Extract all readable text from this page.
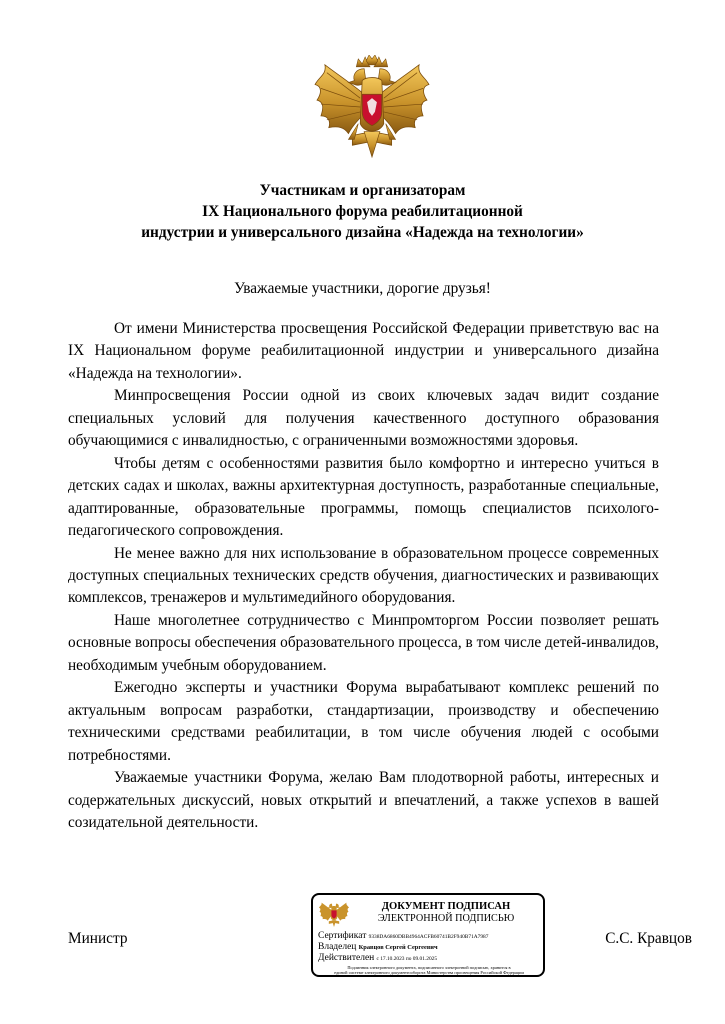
Участникам и организаторам
IX Национального форума реабилитационной
индустрии и универсального дизайна «Надежда на технологии»
Уважаемые участники, дорогие друзья!

От имени Министерства просвещения Российской Федерации приветствую вас на IX Национальном форуме реабилитационной индустрии и универсального дизайна «Надежда на технологии».

Минпросвещения России одной из своих ключевых задач видит создание специальных условий для получения качественного доступного образования обучающимися с инвалидностью, с ограниченными возможностями здоровья.

Чтобы детям с особенностями развития было комфортно и интересно учиться в детских садах и школах, важны архитектурная доступность, разработанные специальные, адаптированные, образовательные программы, помощь специалистов психолого-педагогического сопровождения.

Не менее важно для них использование в образовательном процессе современных доступных специальных технических средств обучения, диагностических и развивающих комплексов, тренажеров и мультимедийного оборудования.

Наше многолетнее сотрудничество с Минпромторгом России позволяет решать основные вопросы обеспечения образовательного процесса, в том числе детей-инвалидов, необходимым учебным оборудованием.

Ежегодно эксперты и участники Форума вырабатывают комплекс решений по актуальным вопросам разработки, стандартизации, производству и обеспечению техническими средствами реабилитации, в том числе обучения людей с особыми потребностями.

Уважаемые участники Форума, желаю Вам плодотворной работы, интересных и содержательных дискуссий, новых открытий и впечатлений, а также успехов в вашей созидательной деятельности.

Министр
ДОКУМЕНТ ПОДПИСАН
ЭЛЕКТРОННОЙ ПОДПИСЬЮ
Сертификат 9338DA6860DBB4964ACFB60741B2F940B71A7987
Владелец Кравцов Сергей Сергеевич
Действителен с 17.10.2023 по 09.01.2025
Подлинник электронного документа, подписанного электронной подписью, хранится в
единой системе электронного документооборота Министерства просвещения Российской Федерации
С.С. Кравцов
